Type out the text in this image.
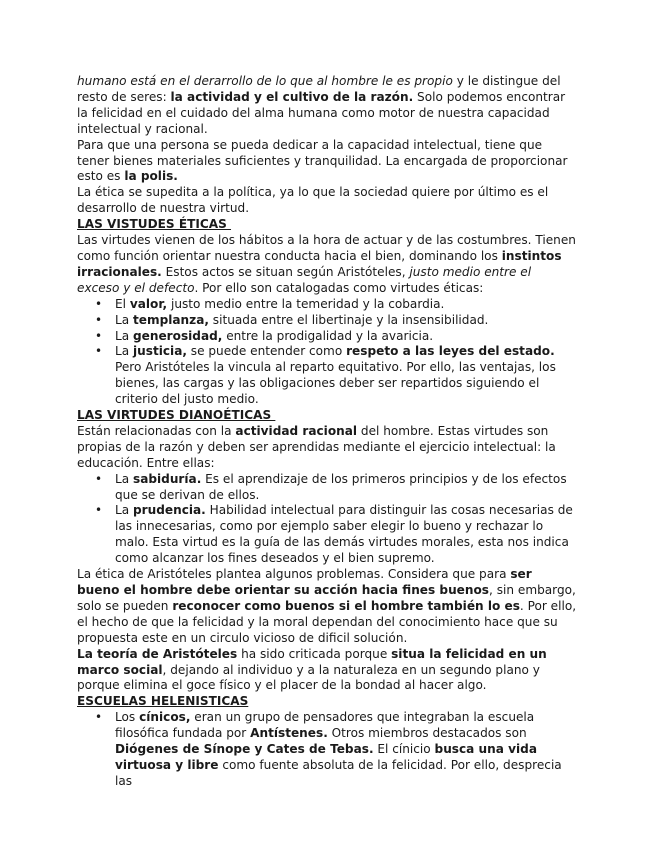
humano está en el derarrollo de lo que al hombre le es propio y le distingue del resto de seres: la actividad y el cultivo de la razón. Solo podemos encontrar la felicidad en el cuidado del alma humana como motor de nuestra capacidad intelectual y racional.

Para que una persona se pueda dedicar a la capacidad intelectual, tiene que tener bienes materiales suficientes y tranquilidad. La encargada de proporcionar esto es la polis.

La ética se supedita a la política, ya lo que la sociedad quiere por último es el desarrollo de nuestra virtud.

LAS VISTUDES ÉTICAS

Las virtudes vienen de los hábitos a la hora de actuar y de las costumbres. Tienen como función orientar nuestra conducta hacia el bien, dominando los instintos irracionales. Estos actos se situan según Aristóteles, justo medio entre el exceso y el defecto. Por ello son catalogadas como virtudes éticas:

• El valor, justo medio entre la temeridad y la cobardia.
• La templanza, situada entre el libertinaje y la insensibilidad.
• La generosidad, entre la prodigalidad y la avaricia.
• La justicia, se puede entender como respeto a las leyes del estado. Pero Aristóteles la vincula al reparto equitativo. Por ello, las ventajas, los bienes, las cargas y las obligaciones deber ser repartidos siguiendo el criterio del justo medio.
LAS VIRTUDES DIANOÉTICAS

Están relacionadas con la actividad racional del hombre. Estas virtudes son propias de la razón y deben ser aprendidas mediante el ejercicio intelectual: la educación. Entre ellas:

• La sabiduría. Es el aprendizaje de los primeros principios y de los efectos que se derivan de ellos.
• La prudencia. Habilidad intelectual para distinguir las cosas necesarias de las innecesarias, como por ejemplo saber elegir lo bueno y rechazar lo malo. Esta virtud es la guía de las demás virtudes morales, esta nos indica como alcanzar los fines deseados y el bien supremo.

La ética de Aristóteles plantea algunos problemas. Considera que para ser bueno el hombre debe orientar su acción hacia fines buenos, sin embargo, solo se pueden reconocer como buenos si el hombre también lo es. Por ello, el hecho de que la felicidad y la moral dependan del conocimiento hace que su propuesta este en un circulo vicioso de dificil solución.

La teoría de Aristóteles ha sido criticada porque situa la felicidad en un marco social, dejando al individuo y a la naturaleza en un segundo plano y porque elimina el goce físico y el placer de la bondad al hacer algo.

ESCUELAS HELENISTICAS
• Los cínicos, eran un grupo de pensadores que integraban la escuela filosófica fundada por Antístenes. Otros miembros destacados son Diógenes de Sínope y Cates de Tebas. El cínicio busca una vida virtuosa y libre como fuente absoluta de la felicidad. Por ello, desprecia las
